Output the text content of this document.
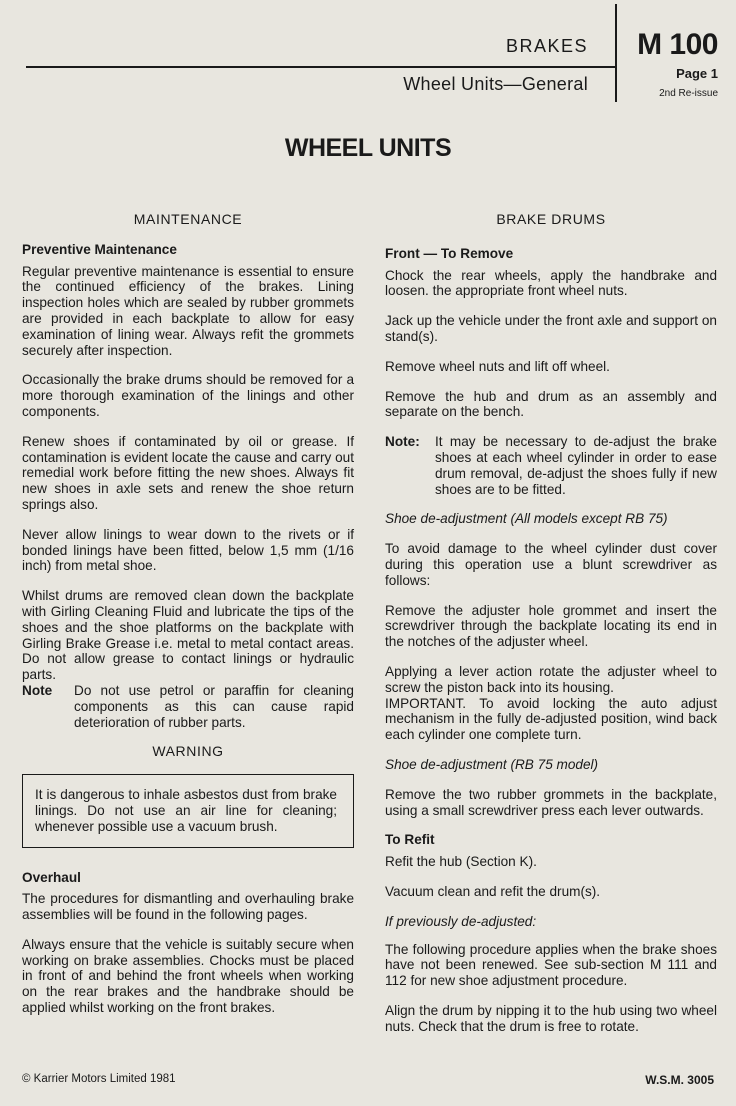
BRAKES
Wheel Units—General
M 100
Page 1
2nd Re-issue
WHEEL UNITS
MAINTENANCE
Preventive Maintenance

Regular preventive maintenance is essential to ensure the continued efficiency of the brakes. Lining inspection holes which are sealed by rubber grommets are provided in each backplate to allow for easy examination of lining wear. Always refit the grommets securely after inspection.

Occasionally the brake drums should be removed for a more thorough examination of the linings and other components.

Renew shoes if contaminated by oil or grease. If contamination is evident locate the cause and carry out remedial work before fitting the new shoes. Always fit new shoes in axle sets and renew the shoe return springs also.

Never allow linings to wear down to the rivets or if bonded linings have been fitted, below 1,5 mm (1/16 inch) from metal shoe.

Whilst drums are removed clean down the backplate with Girling Cleaning Fluid and lubricate the tips of the shoes and the shoe platforms on the backplate with Girling Brake Grease i.e. metal to metal contact areas. Do not allow grease to contact linings or hydraulic parts.

Note	Do not use petrol or paraffin for cleaning components as this can cause rapid deterioration of rubber parts.
WARNING

It is dangerous to inhale asbestos dust from brake linings. Do not use an air line for cleaning; whenever possible use a vacuum brush.

Overhaul

The procedures for dismantling and overhauling brake assemblies will be found in the following pages.

Always ensure that the vehicle is suitably secure when working on brake assemblies. Chocks must be placed in front of and behind the front wheels when working on the rear brakes and the handbrake should be applied whilst working on the front brakes.

BRAKE DRUMS
Front — To Remove

Chock the rear wheels, apply the handbrake and loosen. the appropriate front wheel nuts.

Jack up the vehicle under the front axle and support on stand(s).

Remove wheel nuts and lift off wheel.

Remove the hub and drum as an assembly and separate on the bench.

Note:	It may be necessary to de-adjust the brake shoes at each wheel cylinder in order to ease drum removal, de-adjust the shoes fully if new shoes are to be fitted.
Shoe de-adjustment (All models except RB 75)

To avoid damage to the wheel cylinder dust cover during this operation use a blunt screwdriver as follows:

Remove the adjuster hole grommet and insert the screwdriver through the backplate locating its end in the notches of the adjuster wheel.

Applying a lever action rotate the adjuster wheel to screw the piston back into its housing.

IMPORTANT. To avoid locking the auto adjust mechanism in the fully de-adjusted position, wind back each cylinder one complete turn.

Shoe de-adjustment (RB 75 model)

Remove the two rubber grommets in the backplate, using a small screwdriver press each lever outwards.

To Refit

Refit the hub (Section K).

Vacuum clean and refit the drum(s).

If previously de-adjusted:

The following procedure applies when the brake shoes have not been renewed. See sub-section M 111 and 112 for new shoe adjustment procedure.

Align the drum by nipping it to the hub using two wheel nuts. Check that the drum is free to rotate.

© Karrier Motors Limited 1981	W.S.M. 3005
